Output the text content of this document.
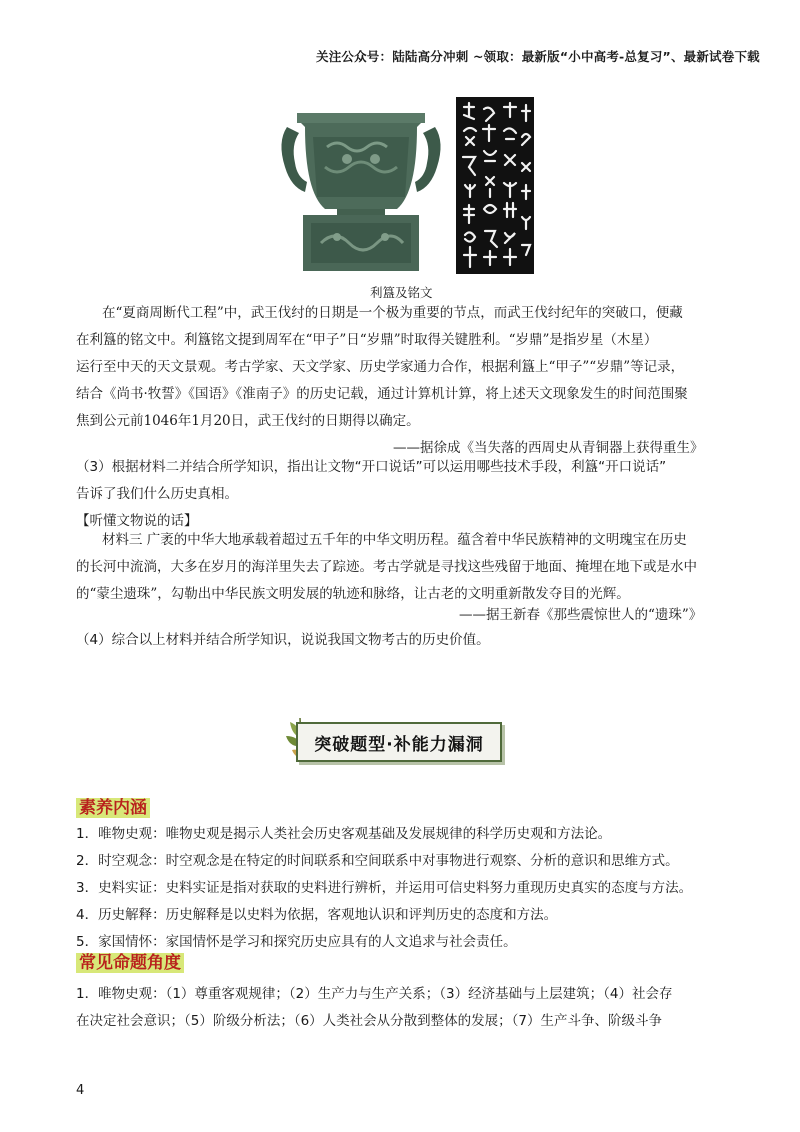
关注公众号：陆陆高分冲刺 ~领取：最新版“小中高考-总复习”、最新试卷下载
利簋及铭文
在“夏商周断代工程”中，武王伐纣的日期是一个极为重要的节点，而武王伐纣纪年的突破口，便藏
在利簋的铭文中。利簋铭文提到周军在“甲子”日“岁鼎”时取得关键胜利。“岁鼎”是指岁星（木星）
运行至中天的天文景观。考古学家、天文学家、历史学家通力合作，根据利簋上“甲子”“岁鼎”等记录，
结合《尚书·牧誓》《国语》《淮南子》的历史记载，通过计算机计算，将上述天文现象发生的时间范围聚
焦到公元前1046年1月20日，武王伐纣的日期得以确定。
——据徐成《当失落的西周史从青铜器上获得重生》
（3）根据材料二并结合所学知识，指出让文物“开口说话”可以运用哪些技术手段，利簋“开口说话”
告诉了我们什么历史真相。
【听懂文物说的话】
材料三 广袤的中华大地承载着超过五千年的中华文明历程。蕴含着中华民族精神的文明瑰宝在历史
的长河中流淌，大多在岁月的海洋里失去了踪迹。考古学就是寻找这些残留于地面、掩埋在地下或是水中
的“蒙尘遗珠”，勾勒出中华民族文明发展的轨迹和脉络，让古老的文明重新散发夺目的光辉。
——据王新春《那些震惊世人的“遗珠”》
（4）综合以上材料并结合所学知识，说说我国文物考古的历史价值。
突破题型·补能力漏洞
素养内涵
1．唯物史观：唯物史观是揭示人类社会历史客观基础及发展规律的科学历史观和方法论。
2．时空观念：时空观念是在特定的时间联系和空间联系中对事物进行观察、分析的意识和思维方式。
3．史料实证：史料实证是指对获取的史料进行辨析，并运用可信史料努力重现历史真实的态度与方法。
4．历史解释：历史解释是以史料为依据，客观地认识和评判历史的态度和方法。
5．家国情怀：家国情怀是学习和探究历史应具有的人文追求与社会责任。
常见命题角度
1．唯物史观：（1）尊重客观规律；（2）生产力与生产关系；（3）经济基础与上层建筑；（4）社会存
在决定社会意识；（5）阶级分析法；（6）人类社会从分散到整体的发展；（7）生产斗争、阶级斗争
4
